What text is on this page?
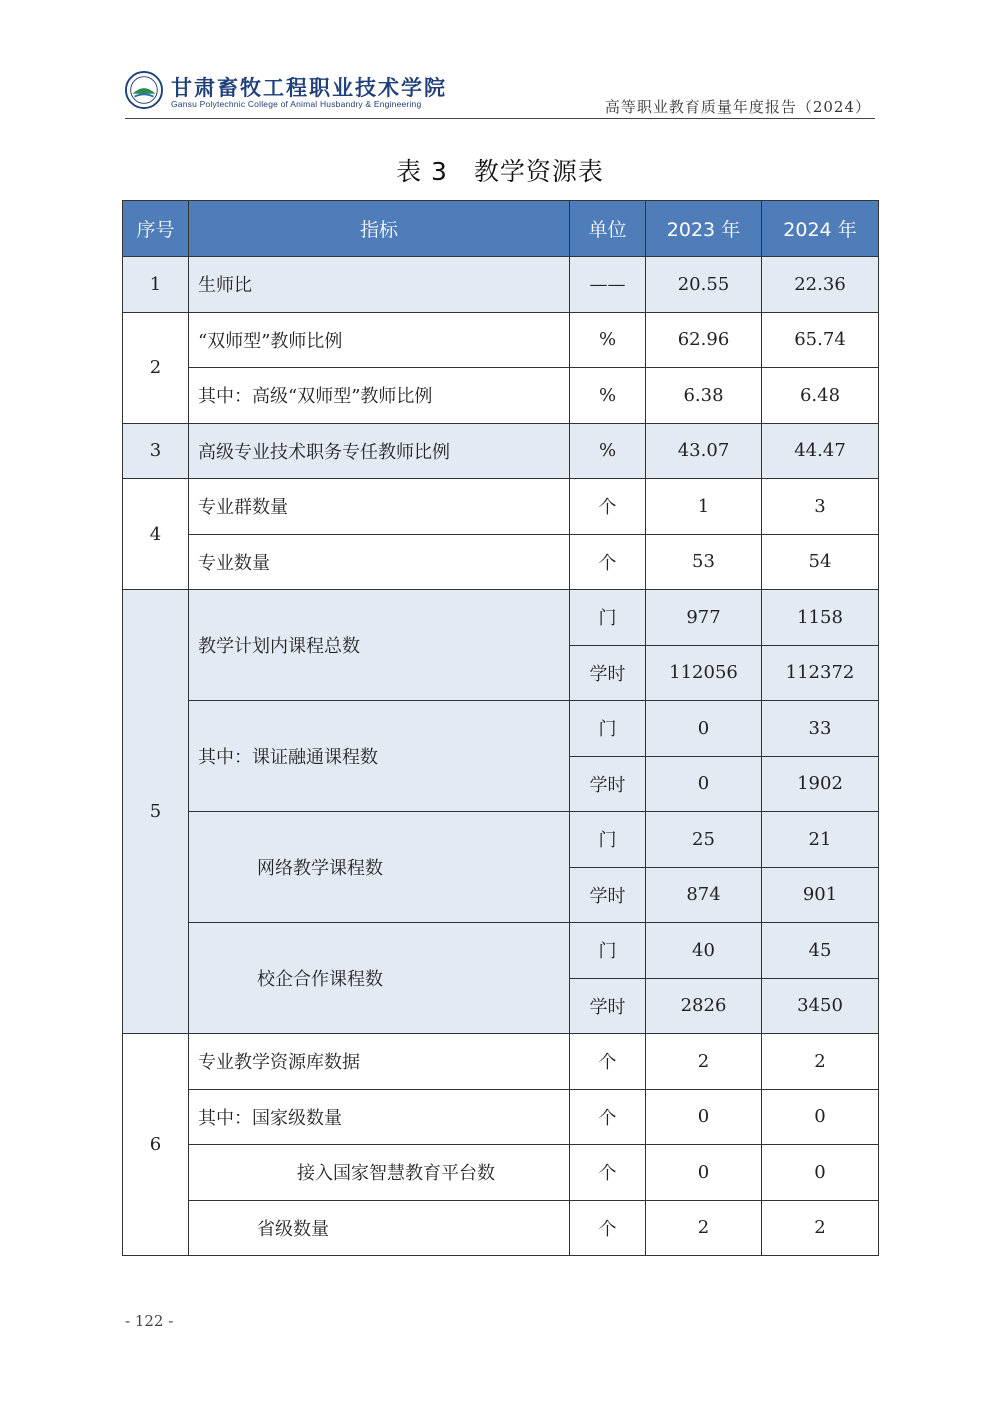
甘肃畜牧工程职业技术学院
Gansu Polytechnic College of Animal Husbandry & Engineering	高等职业教育质量年度报告（2024）
表 3　教学资源表
序号	指标	单位	2023 年	2024 年
1	生师比	——	20.55	22.36
2	“双师型”教师比例	%	62.96	65.74
	其中：高级“双师型”教师比例	%	6.38	6.48
3	高级专业技术职务专任教师比例	%	43.07	44.47
4	专业群数量	个	1	3
	专业数量	个	53	54
5	教学计划内课程总数	门	977	1158
		学时	112056	112372
	其中：课证融通课程数	门	0	33
		学时	0	1902
	网络教学课程数	门	25	21
		学时	874	901
	校企合作课程数	门	40	45
		学时	2826	3450
6	专业教学资源库数据	个	2	2
	其中：国家级数量	个	0	0
	接入国家智慧教育平台数	个	0	0
	省级数量	个	2	2
- 122 -
